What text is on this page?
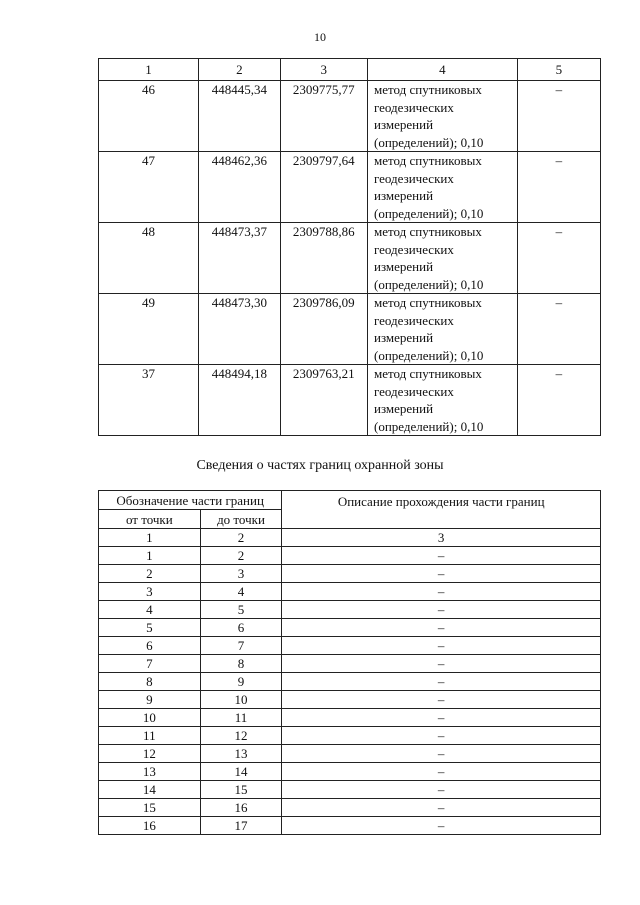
10
1	2	3	4	5
46	448445,34	2309775,77	метод спутниковых
геодезических
измерений
(определений); 0,10	–
47	448462,36	2309797,64	метод спутниковых
геодезических
измерений
(определений); 0,10	–
48	448473,37	2309788,86	метод спутниковых
геодезических
измерений
(определений); 0,10	–
49	448473,30	2309786,09	метод спутниковых
геодезических
измерений
(определений); 0,10	–
37	448494,18	2309763,21	метод спутниковых
геодезических
измерений
(определений); 0,10	–
Сведения о частях границ охранной зоны
Обозначение части границ		Описание прохождения части границ
от точки	до точки	
1	2	3
1	2	–
2	3	–
3	4	–
4	5	–
5	6	–
6	7	–
7	8	–
8	9	–
9	10	–
10	11	–
11	12	–
12	13	–
13	14	–
14	15	–
15	16	–
16	17	–
